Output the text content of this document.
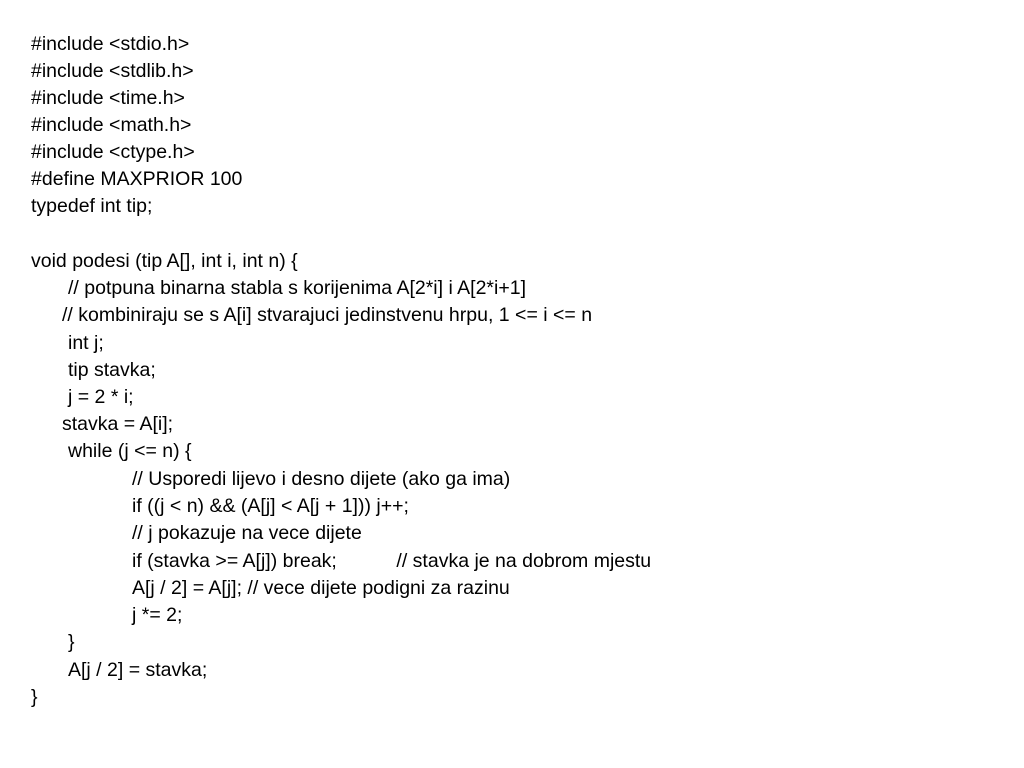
#include <stdio.h>
#include <stdlib.h>
#include <time.h>
#include <math.h>
#include <ctype.h>
#define MAXPRIOR 100
typedef int tip;
void podesi (tip A[], int i, int n) {
// potpuna binarna stabla s korijenima A[2*i] i A[2*i+1]
// kombiniraju se s A[i] stvarajuci jedinstvenu hrpu, 1 <= i <= n
int j;
tip stavka;
j = 2 * i;
stavka = A[i];
while (j <= n) {
// Usporedi lijevo i desno dijete (ako ga ima)
if ((j < n) && (A[j] < A[j + 1])) j++;
// j pokazuje na vece dijete
if (stavka >= A[j]) break;           // stavka je na dobrom mjestu
A[j / 2] = A[j]; // vece dijete podigni za razinu
j *= 2;
}
A[j / 2] = stavka;
}
